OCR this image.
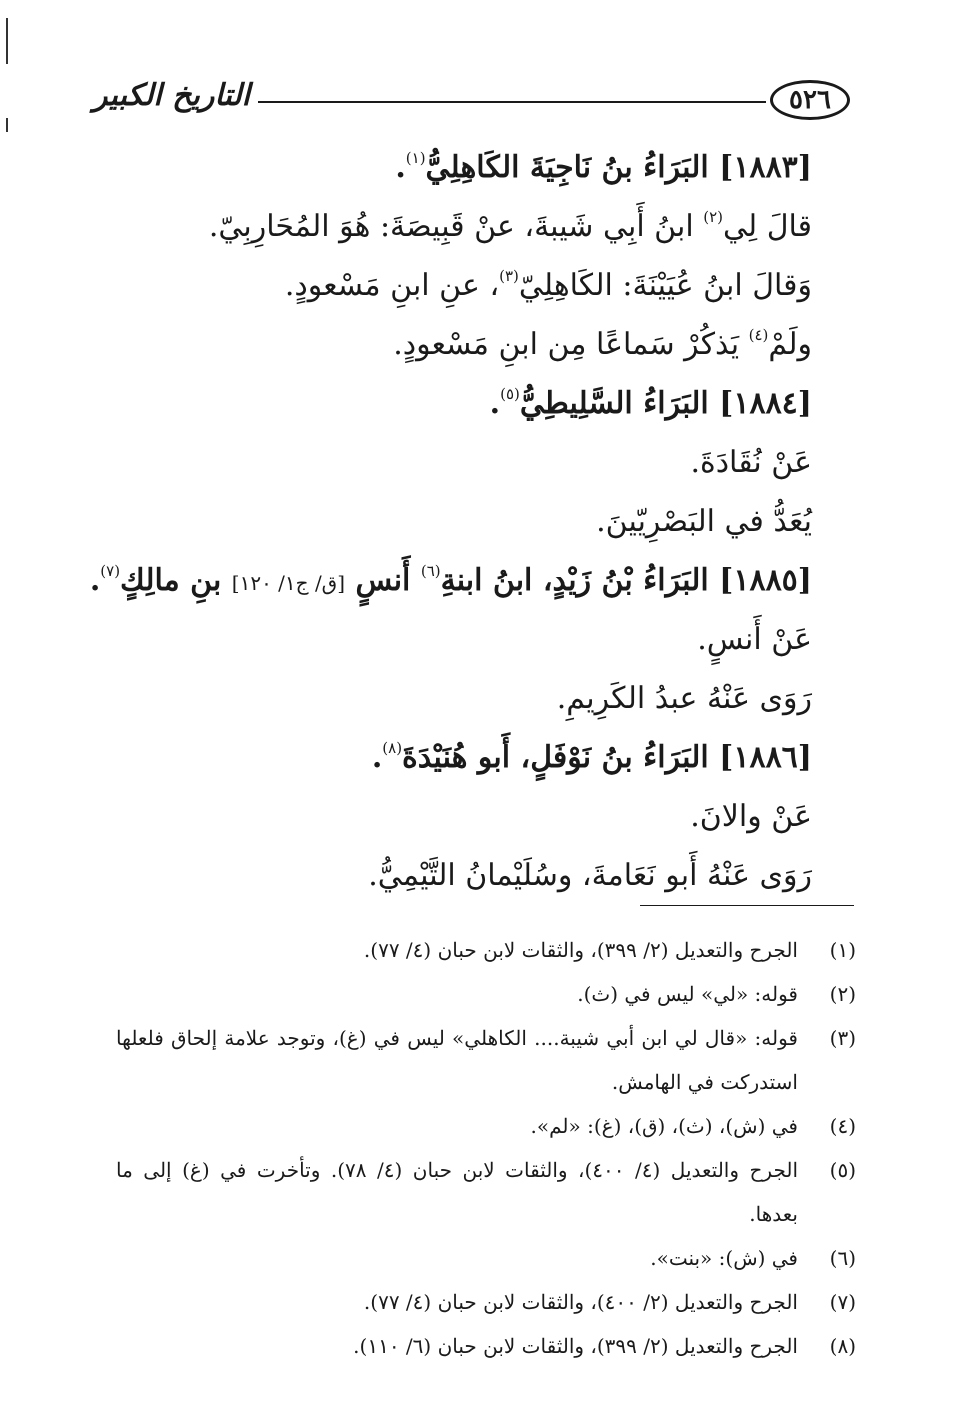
التاريخ الكبير	٥٢٦
[١٨٨٣] البَرَاءُ بنُ نَاجِيَةَ الكَاهِلِيُّ$^{(١)}$.
قالَ لِي$^{(٢)}$ ابنُ أَبِي شَيبةَ، عنْ قَبِيصَةَ: هُوَ المُحَارِبِيّ.
وَقالَ ابنُ عُيَيْنَةَ: الكَاهِلِيّ$^{(٣)}$، عنِ ابنِ مَسْعودٍ.
ولَمْ$^{(٤)}$ يَذكُرْ سَماعًا مِن ابنِ مَسْعودٍ.
[١٨٨٤] البَرَاءُ السَّلِيطِيُّ$^{(٥)}$.
عَنْ نُقَادَةَ.
يُعَدُّ في البَصْرِيّينَ.
[١٨٨٥] البَرَاءُ بْنُ زَيْدٍ، ابنُ ابنةِ$^{(٦)}$ أَنسٍ [ق/ ج١/ ١٢٠] بنِ مالِكٍ$^{(٧)}$.
عَنْ أَنسٍ.
رَوَى عَنْهُ عبدُ الكَرِيمِ.
[١٨٨٦] البَرَاءُ بنُ نَوْفَلٍ، أَبو هُنَيْدَةَ$^{(٨)}$.
عَنْ والانَ.
رَوَى عَنْهُ أَبو نَعَامةَ، وسُلَيْمانُ التَّيْمِيُّ.
(١)
الجرح والتعديل (٢/ ٣٩٩)، والثقات لابن حبان (٤/ ٧٧).
(٢)
قوله: «لي» ليس في (ث).
(٣)
قوله: «قال لي ابن أبي شيبة.... الكاهلي» ليس في (غ)، وتوجد علامة إلحاق فلعلها استدركت في الهامش.
(٤)
في (ش)، (ث)، (ق)، (غ): «لم».
(٥)
الجرح والتعديل (٤/ ٤٠٠)، والثقات لابن حبان (٤/ ٧٨). وتأخرت في (غ) إلى ما بعدها.
(٦)
في (ش): «بنت».
(٧)
الجرح والتعديل (٢/ ٤٠٠)، والثقات لابن حبان (٤/ ٧٧).
(٨)
الجرح والتعديل (٢/ ٣٩٩)، والثقات لابن حبان (٦/ ١١٠).
